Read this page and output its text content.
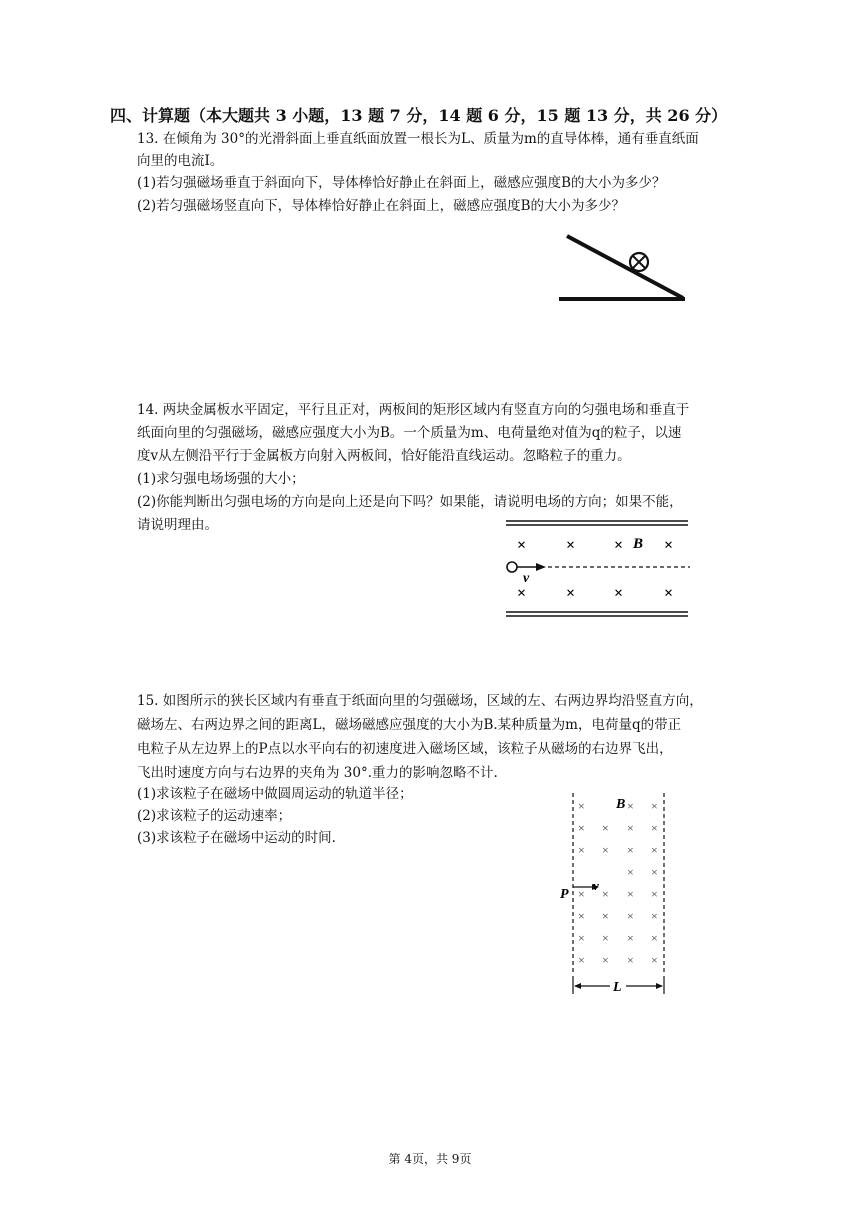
四、计算题（本大题共 3 小题，13 题 7 分，14 题 6 分，15 题 13 分，共 26 分）
13. 在倾角为 30°的光滑斜面上垂直纸面放置一根长为L、质量为m的直导体棒，通有垂直纸面
向里的电流I。
(1)若匀强磁场垂直于斜面向下，导体棒恰好静止在斜面上，磁感应强度B的大小为多少？
(2)若匀强磁场竖直向下，导体棒恰好静止在斜面上，磁感应强度B的大小为多少？
14. 两块金属板水平固定，平行且正对，两板间的矩形区域内有竖直方向的匀强电场和垂直于
纸面向里的匀强磁场，磁感应强度大小为B。一个质量为m、电荷量绝对值为q的粒子，以速
度v从左侧沿平行于金属板方向射入两板间，恰好能沿直线运动。忽略粒子的重力。
(1)求匀强电场场强的大小；
(2)你能判断出匀强电场的方向是向上还是向下吗？如果能，请说明电场的方向；如果不能，
请说明理由。
× × ×	×
× × ×	×
B
v
15. 如图所示的狭长区域内有垂直于纸面向里的匀强磁场，区域的左、右两边界均沿竖直方向，
磁场左、右两边界之间的距离L，磁场磁感应强度的大小为B.某种质量为m，电荷量q的带正
电粒子从左边界上的P点以水平向右的初速度进入磁场区域，该粒子从磁场的右边界飞出，
飞出时速度方向与右边界的夹角为 30°.重力的影响忽略不计.
(1)求该粒子在磁场中做圆周运动的轨道半径；
(2)求该粒子的运动速率；
(3)求该粒子在磁场中运动的时间.
×	× ×
× × × ×
× × × ×
× ×
× × × ×
× × × ×
× × × ×
× × × ×
B
P
v
L
第 4页，共 9页
